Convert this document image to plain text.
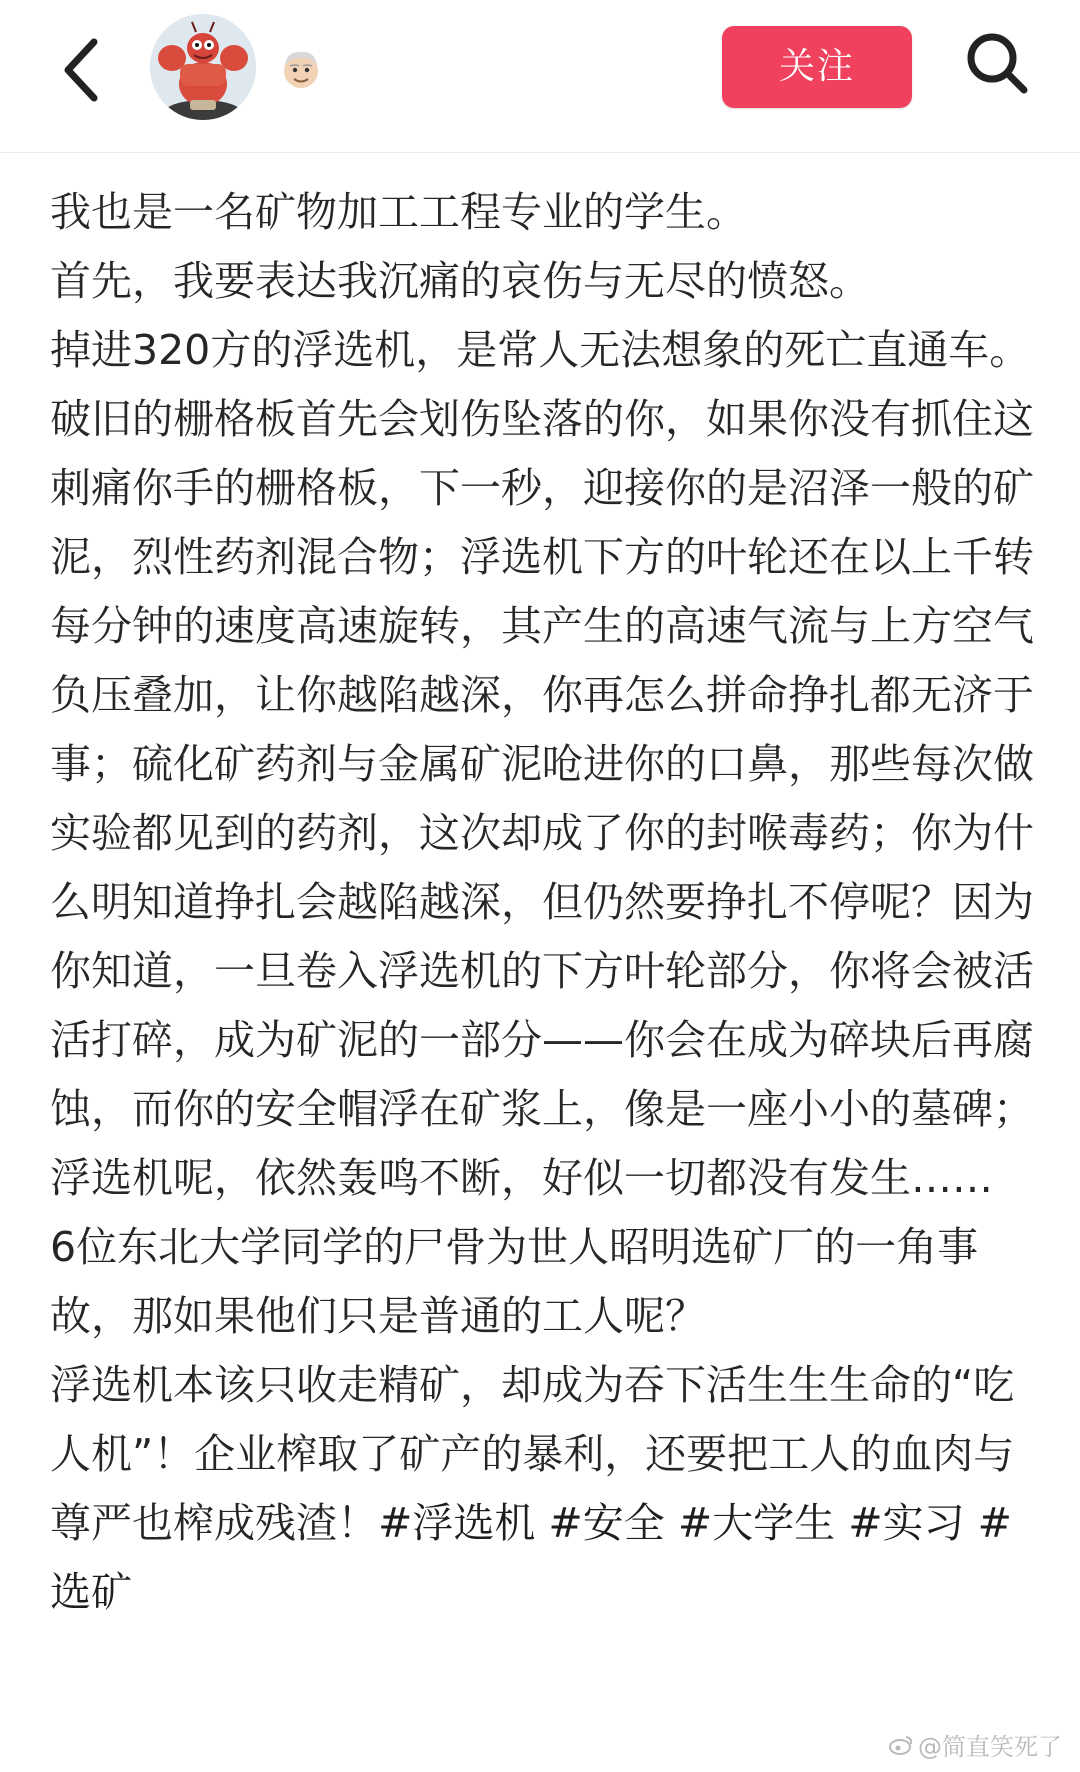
关注

我也是一名矿物加工工程专业的学生。

首先，我要表达我沉痛的哀伤与无尽的愤怒。

掉进320方的浮选机，是常人无法想象的死亡直通车。破旧的栅格板首先会划伤坠落的你，如果你没有抓住这刺痛你手的栅格板，下一秒，迎接你的是沼泽一般的矿泥，烈性药剂混合物；浮选机下方的叶轮还在以上千转每分钟的速度高速旋转，其产生的高速气流与上方空气负压叠加，让你越陷越深，你再怎么拼命挣扎都无济于事；硫化矿药剂与金属矿泥呛进你的口鼻，那些每次做实验都见到的药剂，这次却成了你的封喉毒药；你为什么明知道挣扎会越陷越深，但仍然要挣扎不停呢？因为你知道，一旦卷入浮选机的下方叶轮部分，你将会被活活打碎，成为矿泥的一部分——你会在成为碎块后再腐蚀，而你的安全帽浮在矿浆上，像是一座小小的墓碑；浮选机呢，依然轰鸣不断，好似一切都没有发生……

6位东北大学同学的尸骨为世人昭明选矿厂的一角事故，那如果他们只是普通的工人呢？

浮选机本该只收走精矿，却成为吞下活生生生命的“吃人机”！企业榨取了矿产的暴利，还要把工人的血肉与尊严也榨成残渣！#浮选机 #安全 #大学生 #实习 #选矿

@简直笑死了
